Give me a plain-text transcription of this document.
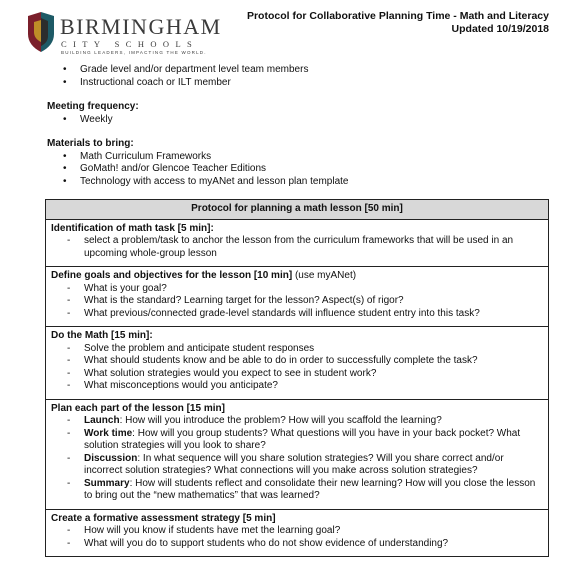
BIRMINGHAM
CITY SCHOOLS
BUILDING LEADERS, IMPACTING THE WORLD.
Protocol for Collaborative Planning Time - Math and Literacy
Updated 10/19/2018
• Grade level and/or department level team members
• Instructional coach or ILT member
Meeting frequency:
• Weekly
Materials to bring:
• Math Curriculum Frameworks
• GoMath! and/or Glencoe Teacher Editions
• Technology with access to myANet and lesson plan template
Protocol for planning a math lesson [50 min]

Identification of math task [5 min]:
- select a problem/task to anchor the lesson from the curriculum frameworks that will be used in an upcoming whole-group lesson

Define goals and objectives for the lesson [10 min] (use myANet)
- What is your goal?
- What is the standard? Learning target for the lesson? Aspect(s) of rigor?
- What previous/connected grade-level standards will influence student entry into this task?

Do the Math [15 min]:
- Solve the problem and anticipate student responses
- What should students know and be able to do in order to successfully complete the task?
- What solution strategies would you expect to see in student work?
- What misconceptions would you anticipate?

Plan each part of the lesson [15 min]
- Launch: How will you introduce the problem? How will you scaffold the learning?
- Work time: How will you group students? What questions will you have in your back pocket? What solution strategies will you look to share?
- Discussion: In what sequence will you share solution strategies? Will you share correct and/or incorrect solution strategies? What connections will you make across solution strategies?
- Summary: How will students reflect and consolidate their new learning? How will you close the lesson to bring out the “new mathematics” that was learned?

Create a formative assessment strategy [5 min]
- How will you know if students have met the learning goal?
- What will you do to support students who do not show evidence of understanding?
